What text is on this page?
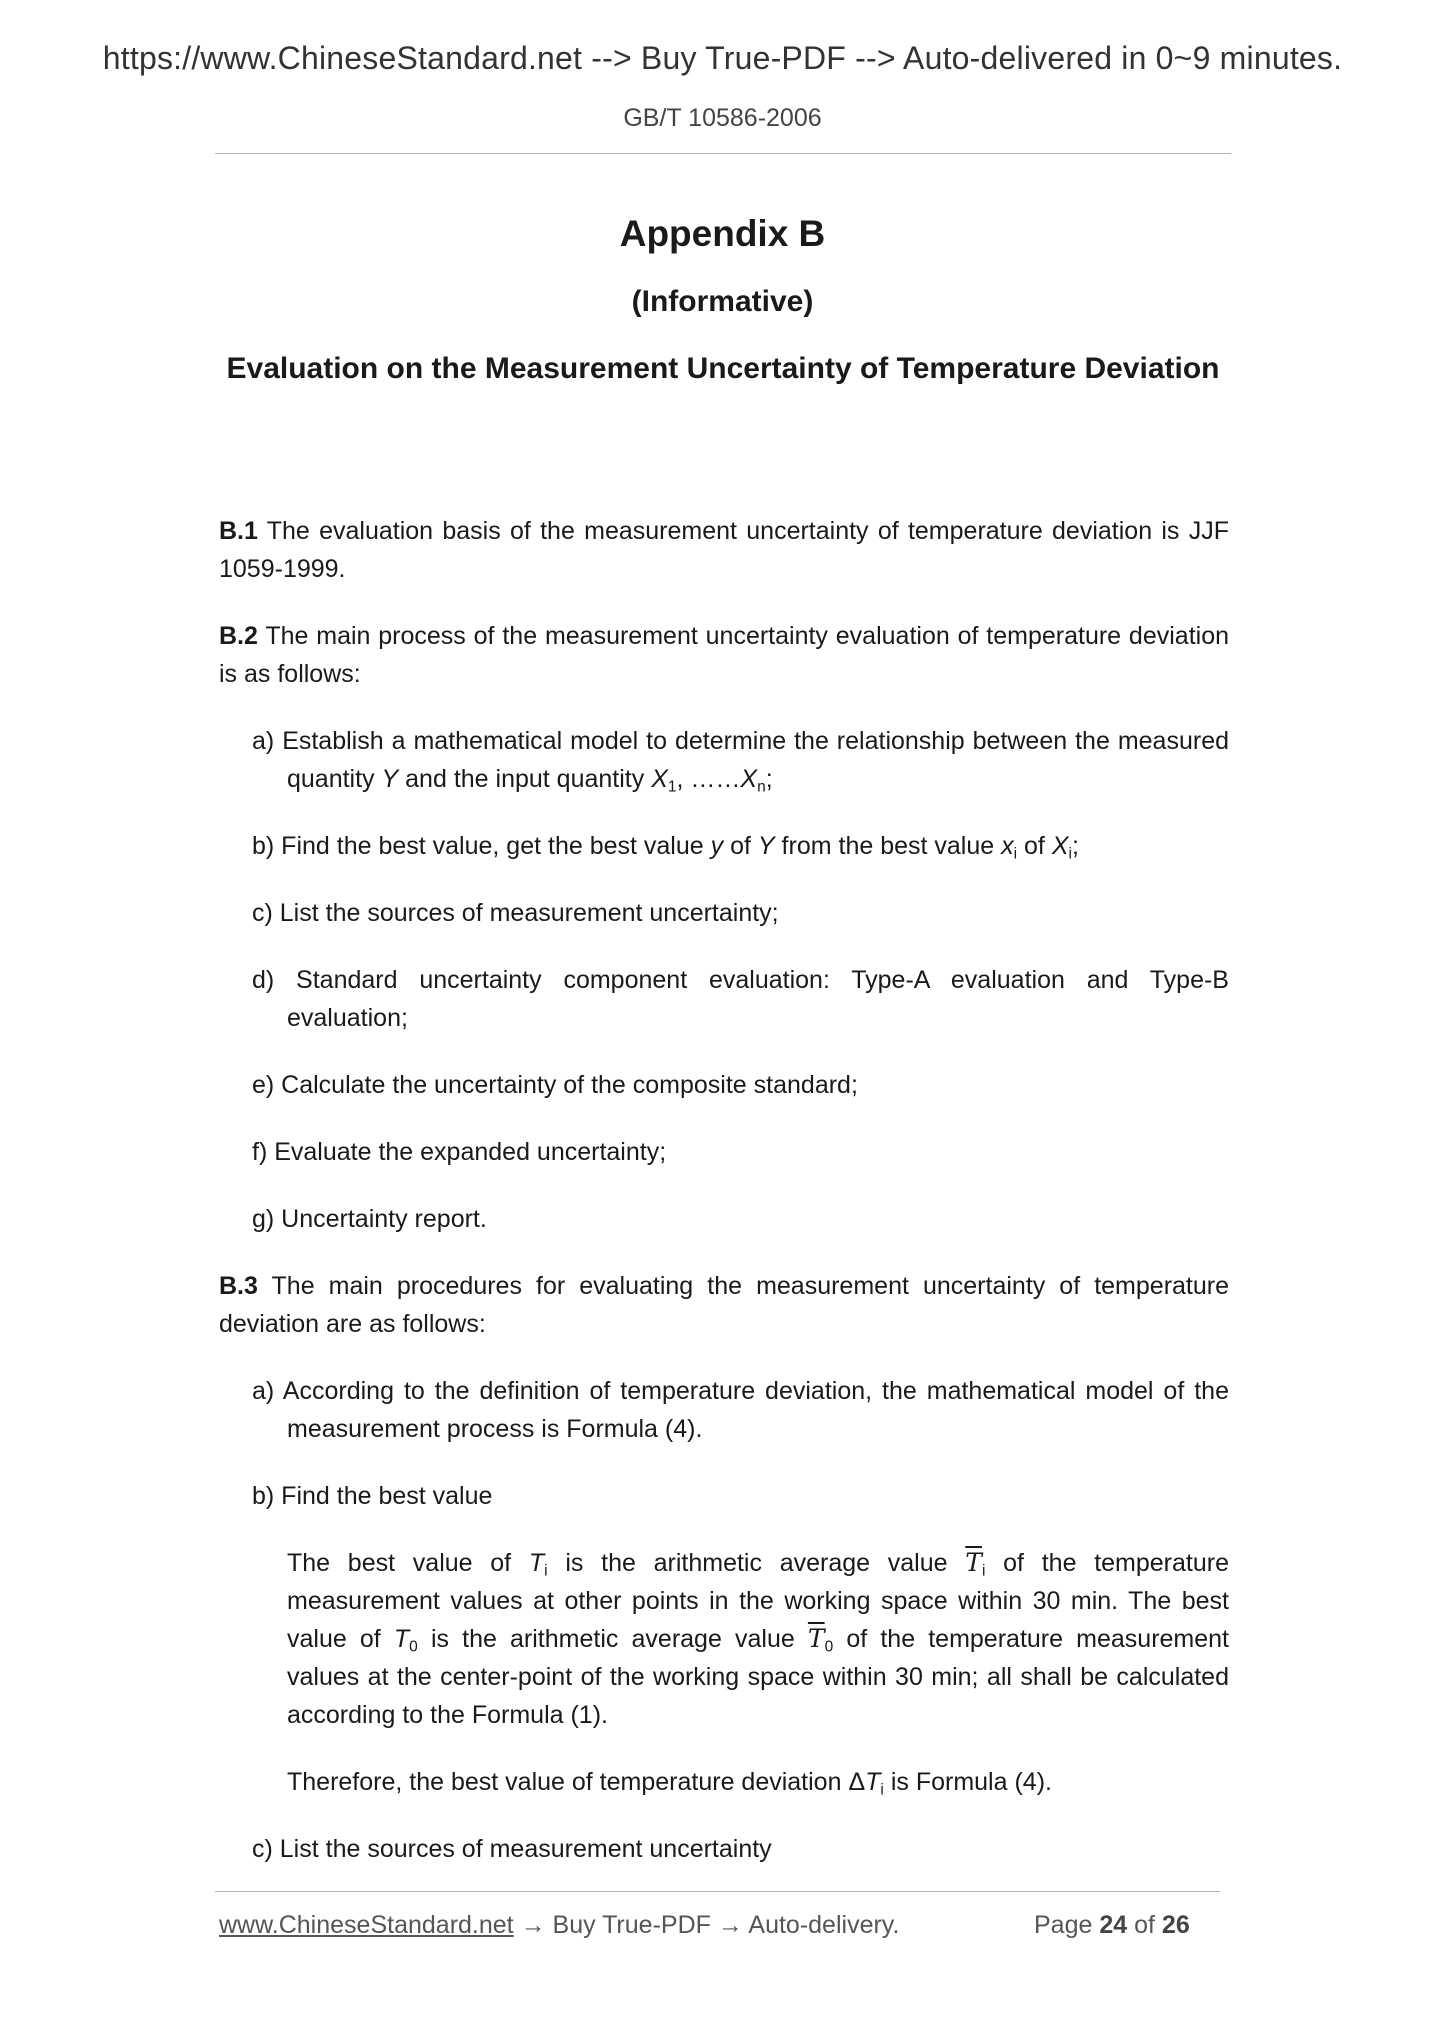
https://www.ChineseStandard.net --> Buy True-PDF --> Auto-delivered in 0~9 minutes.
GB/T 10586-2006
Appendix B
(Informative)
Evaluation on the Measurement Uncertainty of Temperature Deviation

B.1 The evaluation basis of the measurement uncertainty of temperature deviation is JJF 1059-1999.

B.2 The main process of the measurement uncertainty evaluation of temperature deviation is as follows:

a) Establish a mathematical model to determine the relationship between the measured quantity Y and the input quantity $X_1$, $\dots\dots X_n$;

b) Find the best value, get the best value y of Y from the best value $x_i$ of $X_i$;

c) List the sources of measurement uncertainty;

d) Standard uncertainty component evaluation: Type-A evaluation and Type-B evaluation;

e) Calculate the uncertainty of the composite standard;

f) Evaluate the expanded uncertainty;

g) Uncertainty report.

B.3 The main procedures for evaluating the measurement uncertainty of temperature deviation are as follows:

a) According to the definition of temperature deviation, the mathematical model of the measurement process is Formula (4).

b) Find the best value

The best value of $T_i$ is the arithmetic average value $\overline{T}_i$ of the temperature measurement values at other points in the working space within 30 min. The best value of $T_0$ is the arithmetic average value $\overline{T}_0$ of the temperature measurement values at the center-point of the working space within 30 min; all shall be calculated according to the Formula (1).

Therefore, the best value of temperature deviation $\Delta T_i$ is Formula (4).

c) List the sources of measurement uncertainty

www.ChineseStandard.net → Buy True-PDF → Auto-delivery.	Page 24 of 26
